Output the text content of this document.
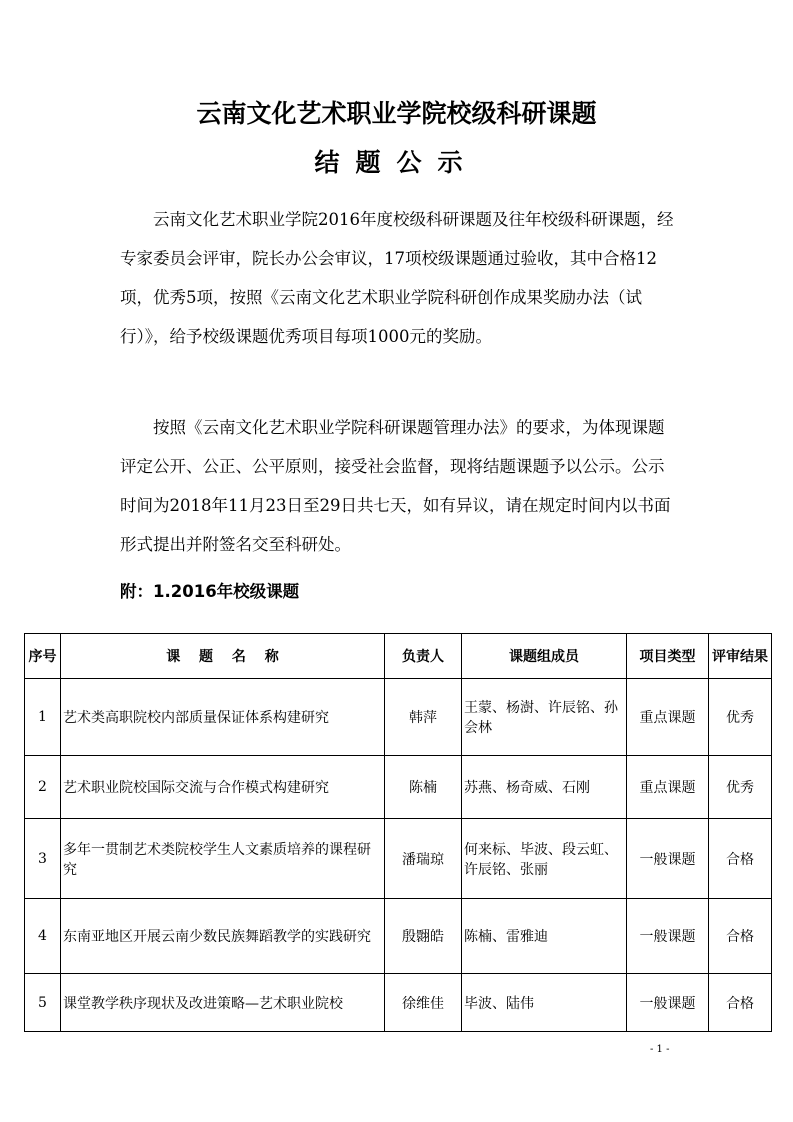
云南文化艺术职业学院校级科研课题
结题公示

云南文化艺术职业学院2016年度校级科研课题及往年校级科研课题，经专家委员会评审，院长办公会审议，17项校级课题通过验收，其中合格12项，优秀5项，按照《云南文化艺术职业学院科研创作成果奖励办法（试行）》，给予校级课题优秀项目每项1000元的奖励。

按照《云南文化艺术职业学院科研课题管理办法》的要求，为体现课题评定公开、公正、公平原则，接受社会监督，现将结题课题予以公示。公示时间为2018年11月23日至29日共七天，如有异议，请在规定时间内以书面形式提出并附签名交至科研处。

附：1.2016年校级课题
序号	课 题 名 称	负责人	课题组成员	项目类型	评审结果
1	艺术类高职院校内部质量保证体系构建研究	韩萍	王蒙、杨澍、许辰铭、孙会林	重点课题	优秀
2	艺术职业院校国际交流与合作模式构建研究	陈楠	苏燕、杨奇威、石刚	重点课题	优秀
3	多年一贯制艺术类院校学生人文素质培养的课程研究	潘瑞琼	何来标、毕波、段云虹、许辰铭、张丽	一般课题	合格
4	东南亚地区开展云南少数民族舞蹈教学的实践研究	殷翾皓	陈楠、雷雅迪	一般课题	合格
5	课堂教学秩序现状及改进策略—艺术职业院校	徐维佳	毕波、陆伟	一般课题	合格
- 1 -
